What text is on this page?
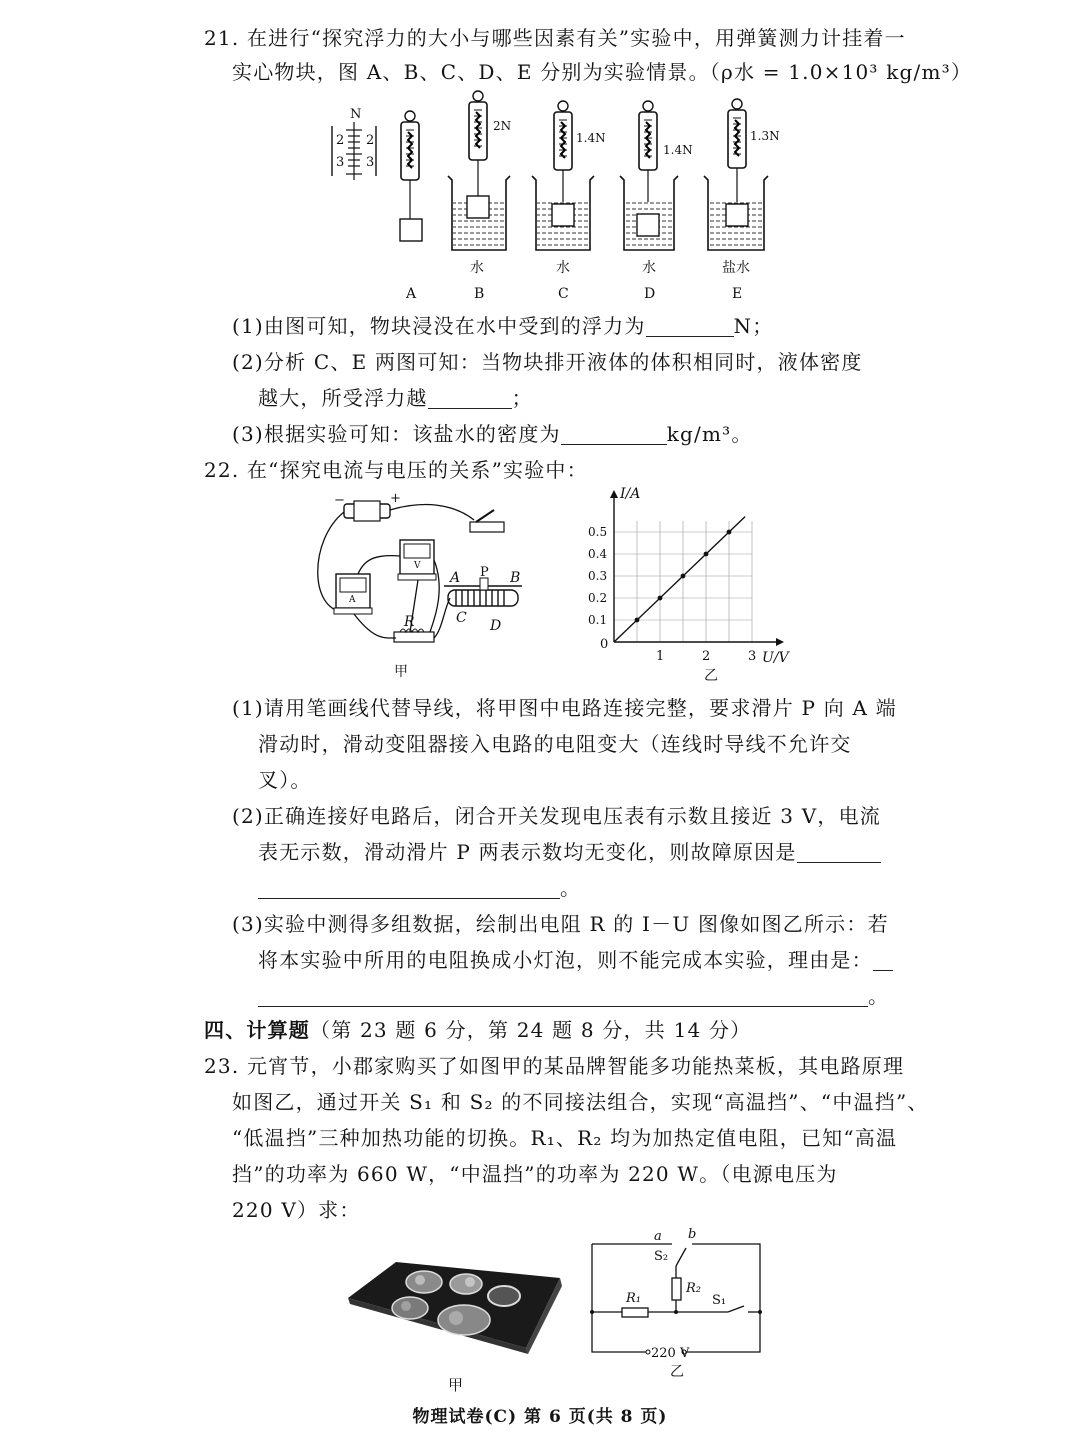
21. 在进行“探究浮力的大小与哪些因素有关”实验中，用弹簧测力计挂着一
实心物块，图 A、B、C、D、E 分别为实验情景。（ρ水 = 1.0×10³ kg/m³）
N
2
3
2
3
A
2N
水
B
1.4N
水
C
1.4N
水
D
1.3N
盐水
E
(1)由图可知，物块浸没在水中受到的浮力为	N；
(2)分析 C、E 两图可知：当物块排开液体的体积相同时，液体密度
越大，所受浮力越	；
(3)根据实验可知：该盐水的密度为	kg/m³。
22. 在“探究电流与电压的关系”实验中：
−	+
V
A
R
A P B
C D
甲
I/A
U/V
0
1	2	3
0.1
0.2
0.3
0.4
0.5
乙
(1)请用笔画线代替导线，将甲图中电路连接完整，要求滑片 P 向 A 端
滑动时，滑动变阻器接入电路的电阻变大（连线时导线不允许交
叉）。
(2)正确连接好电路后，闭合开关发现电压表有示数且接近 3 V，电流
表无示数，滑动滑片 P 两表示数均无变化，则故障原因是
。
(3)实验中测得多组数据，绘制出电阻 R 的 I－U 图像如图乙所示：若
将本实验中所用的电阻换成小灯泡，则不能完成本实验，理由是：
。
四、计算题（第 23 题 6 分，第 24 题 8 分，共 14 分）
23. 元宵节，小郡家购买了如图甲的某品牌智能多功能热菜板，其电路原理
如图乙，通过开关 S₁ 和 S₂ 的不同接法组合，实现“高温挡”、“中温挡”、
“低温挡”三种加热功能的切换。R₁、R₂ 均为加热定值电阻，已知“高温
挡”的功率为 660 W，“中温挡”的功率为 220 W。（电源电压为
220 V）求：
甲
220 V
a b
S₂
R₂
R₁	S₁
乙
物理试卷(C) 第 6 页(共 8 页)
